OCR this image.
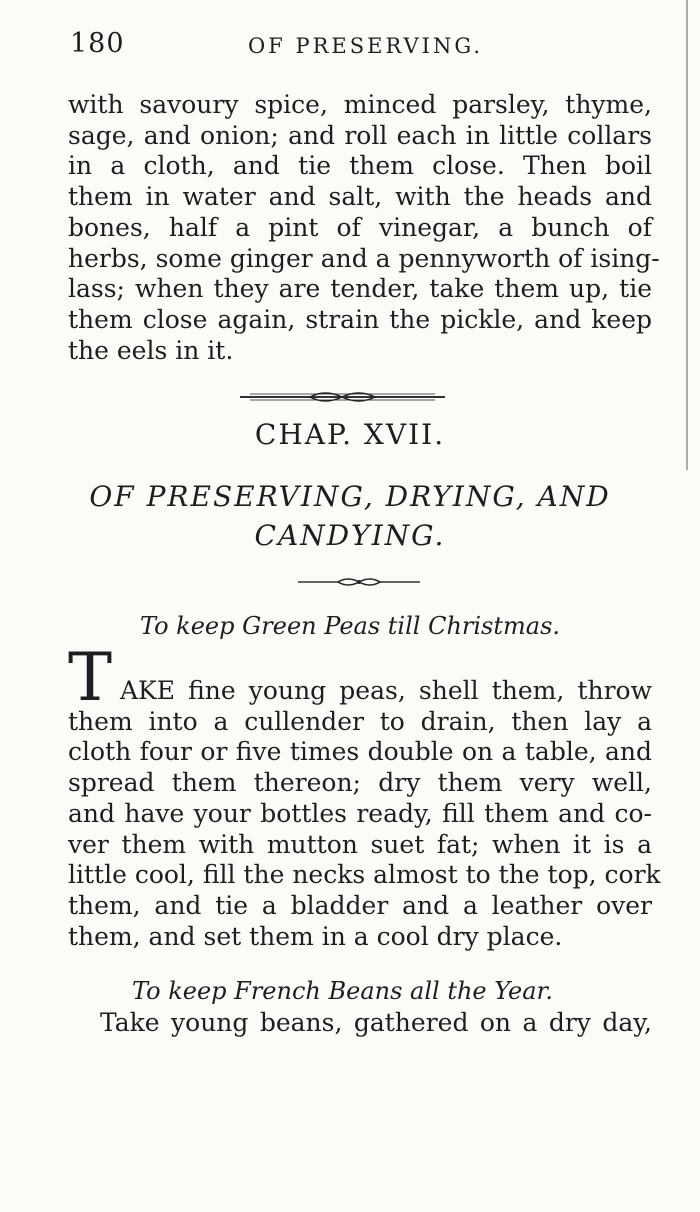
180	OF PRESERVING.
with savoury spice, minced parsley, thyme,
sage, and onion; and roll each in little collars
in a cloth, and tie them close. Then boil
them in water and salt, with the heads and
bones, half a pint of vinegar, a bunch of
herbs, some ginger and a pennyworth of ising-
lass; when they are tender, take them up, tie
them close again, strain the pickle, and keep
the eels in it.
CHAP. XVII.
OF PRESERVING, DRYING, AND
CANDYING.
To keep Green Peas till Christmas.
T AKE fine young peas, shell them, throw
them into a cullender to drain, then lay a
cloth four or five times double on a table, and
spread them thereon; dry them very well,
and have your bottles ready, fill them and co-
ver them with mutton suet fat; when it is a
little cool, fill the necks almost to the top, cork
them, and tie a bladder and a leather over
them, and set them in a cool dry place.
To keep French Beans all the Year.
Take young beans, gathered on a dry day,
